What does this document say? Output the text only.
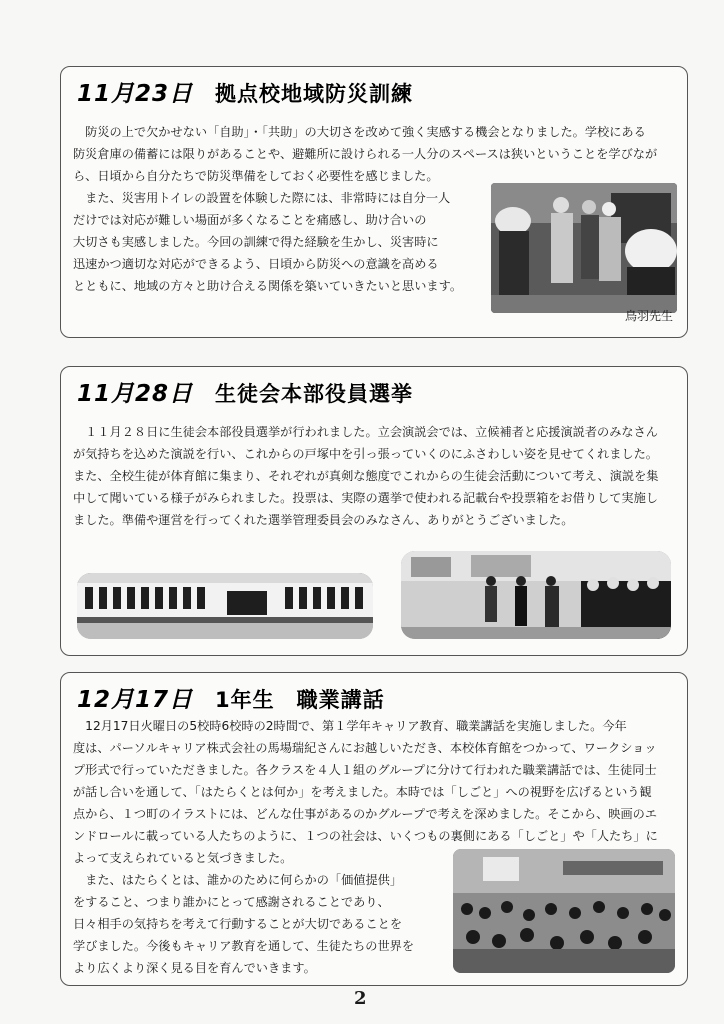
11月23日 拠点校地域防災訓練
　防災の上で欠かせない「自助」・「共助」の大切さを改めて強く実感する機会となりました。学校にある
防災倉庫の備蓄には限りがあることや、避難所に設けられる一人分のスペースは狭いということを学びなが
ら、日頃から自分たちで防災準備をしておく必要性を感じました。
　また、災害用トイレの設置を体験した際には、非常時には自分一人
だけでは対応が難しい場面が多くなることを痛感し、助け合いの
大切さも実感しました。今回の訓練で得た経験を生かし、災害時に
迅速かつ適切な対応ができるよう、日頃から防災への意識を高める
とともに、地域の方々と助け合える関係を築いていきたいと思います。
鳥羽先生
11月28日 生徒会本部役員選挙
　１１月２８日に生徒会本部役員選挙が行われました。立会演説会では、立候補者と応援演説者のみなさん
が気持ちを込めた演説を行い、これからの戸塚中を引っ張っていくのにふさわしい姿を見せてくれました。
また、全校生徒が体育館に集まり、それぞれが真剣な態度でこれからの生徒会活動について考え、演説を集
中して聞いている様子がみられました。投票は、実際の選挙で使われる記載台や投票箱をお借りして実施し
ました。準備や運営を行ってくれた選挙管理委員会のみなさん、ありがとうございました。
12月17日 1年生 職業講話
　12月17日火曜日の5校時6校時の2時間で、第１学年キャリア教育、職業講話を実施しました。今年
度は、パーソルキャリア株式会社の馬場瑞紀さんにお越しいただき、本校体育館をつかって、ワークショッ
プ形式で行っていただきました。各クラスを４人１組のグループに分けて行われた職業講話では、生徒同士
が話し合いを通して、「はたらくとは何か」を考えました。本時では「しごと」への視野を広げるという観
点から、１つ町のイラストには、どんな仕事があるのかグループで考えを深めました。そこから、映画のエ
ンドロールに載っている人たちのように、１つの社会は、いくつもの裏側にある「しごと」や「人たち」に
よって支えられていると気づきました。
　また、はたらくとは、誰かのために何らかの「価値提供」
をすること、つまり誰かにとって感謝されることであり、
日々相手の気持ちを考えて行動することが大切であることを
学びました。今後もキャリア教育を通して、生徒たちの世界を
より広くより深く見る目を育んでいきます。
2
